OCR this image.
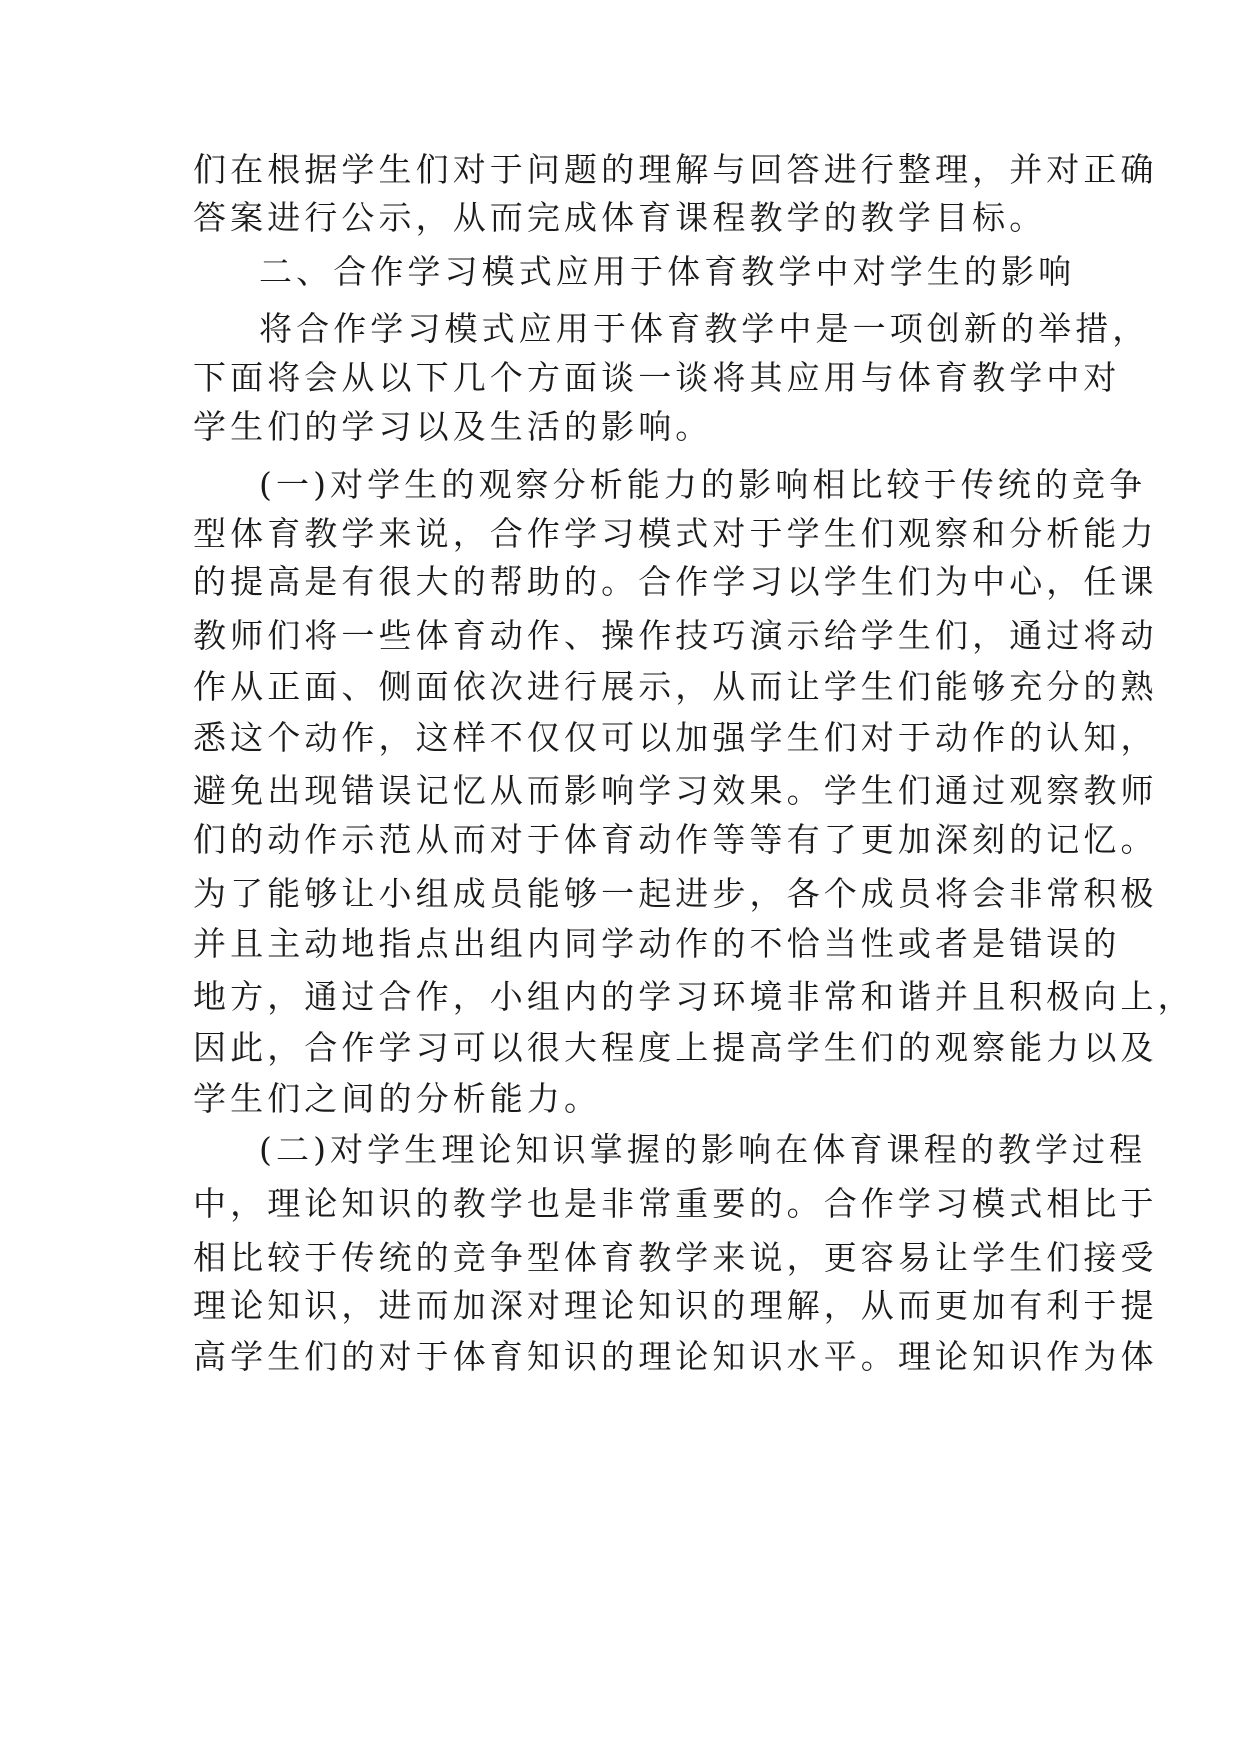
们在根据学生们对于问题的理解与回答进行整理，并对正确
答案进行公示，从而完成体育课程教学的教学目标。
二、合作学习模式应用于体育教学中对学生的影响
将合作学习模式应用于体育教学中是一项创新的举措，
下面将会从以下几个方面谈一谈将其应用与体育教学中对
学生们的学习以及生活的影响。
(一)对学生的观察分析能力的影响相比较于传统的竞争
型体育教学来说，合作学习模式对于学生们观察和分析能力
的提高是有很大的帮助的。合作学习以学生们为中心，任课
教师们将一些体育动作、操作技巧演示给学生们，通过将动
作从正面、侧面依次进行展示，从而让学生们能够充分的熟
悉这个动作，这样不仅仅可以加强学生们对于动作的认知，
避免出现错误记忆从而影响学习效果。学生们通过观察教师
们的动作示范从而对于体育动作等等有了更加深刻的记忆。
为了能够让小组成员能够一起进步，各个成员将会非常积极
并且主动地指点出组内同学动作的不恰当性或者是错误的
地方，通过合作，小组内的学习环境非常和谐并且积极向上，
因此，合作学习可以很大程度上提高学生们的观察能力以及
学生们之间的分析能力。
(二)对学生理论知识掌握的影响在体育课程的教学过程
中，理论知识的教学也是非常重要的。合作学习模式相比于
相比较于传统的竞争型体育教学来说，更容易让学生们接受
理论知识，进而加深对理论知识的理解，从而更加有利于提
高学生们的对于体育知识的理论知识水平。理论知识作为体
